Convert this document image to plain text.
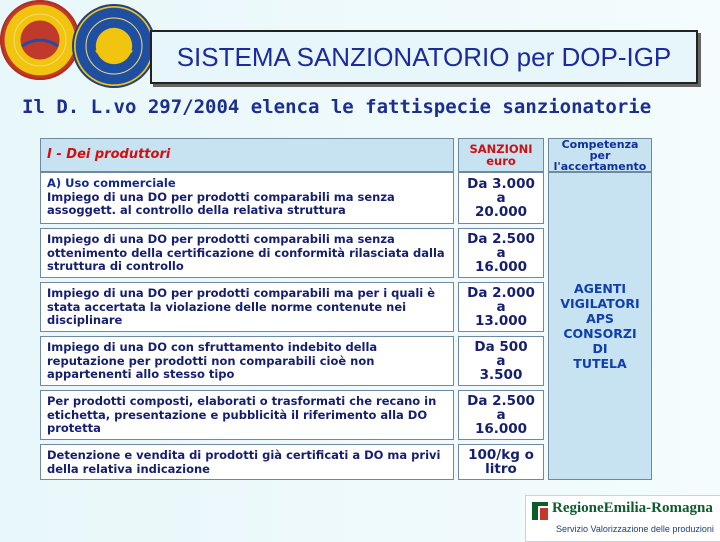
SISTEMA SANZIONATORIO per DOP-IGP
Il D. L.vo 297/2004 elenca le fattispecie sanzionatorie
I - Dei produttori	SANZIONI
euro
Competenza
per
l'accertamento
A) Uso commerciale
Impiego di una DO per prodotti comparabili ma senza assoggett. al controllo della relativa struttura
Da 3.000
a
20.000
Impiego di una DO per prodotti comparabili ma senza ottenimento della certificazione di conformità rilasciata dalla struttura di controllo
Da 2.500
a
16.000
Impiego di una DO per prodotti comparabili ma per i quali è stata accertata la violazione delle norme contenute nei disciplinare
Da 2.000
a
13.000
Impiego di una DO con sfruttamento indebito della reputazione per prodotti non comparabili cioè non appartenenti allo stesso tipo
Da 500
a
3.500
Per prodotti composti, elaborati o trasformati che recano in etichetta, presentazione e pubblicità il riferimento alla DO protetta
Da 2.500
a
16.000
Detenzione e vendita di prodotti già certificati a DO ma privi della relativa indicazione
100/kg o
litro
AGENTI
VIGILATORI
APS
CONSORZI
DI
TUTELA
RegioneEmilia-Romagna
Servizio Valorizzazione delle produzioni
